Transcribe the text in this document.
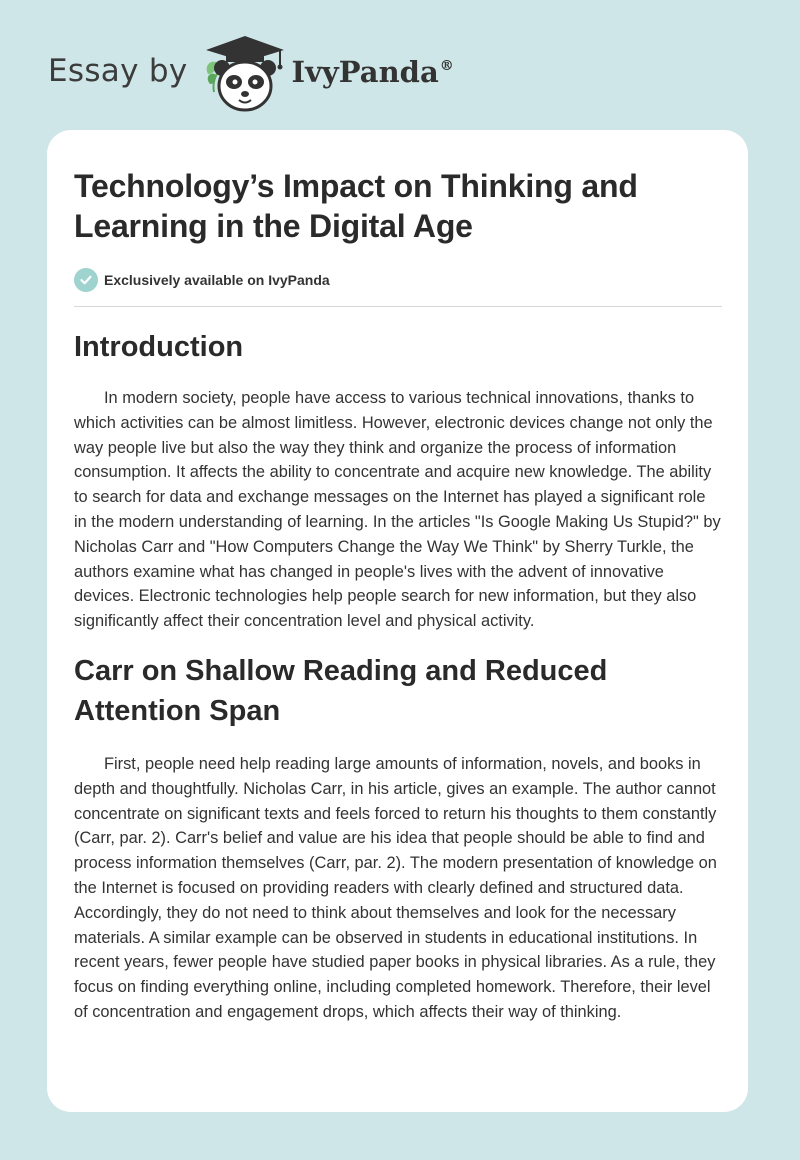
Essay by	IvyPanda®
Technology’s Impact on Thinking and Learning in the Digital Age
Exclusively available on IvyPanda
Introduction

In modern society, people have access to various technical innovations, thanks to which activities can be almost limitless. However, electronic devices change not only the way people live but also the way they think and organize the process of information consumption. It affects the ability to concentrate and acquire new knowledge. The ability to search for data and exchange messages on the Internet has played a significant role in the modern understanding of learning. In the articles "Is Google Making Us Stupid?" by Nicholas Carr and "How Computers Change the Way We Think" by Sherry Turkle, the authors examine what has changed in people's lives with the advent of innovative devices. Electronic technologies help people search for new information, but they also significantly affect their concentration level and physical activity.

Carr on Shallow Reading and Reduced Attention Span

First, people need help reading large amounts of information, novels, and books in depth and thoughtfully. Nicholas Carr, in his article, gives an example. The author cannot concentrate on significant texts and feels forced to return his thoughts to them constantly (Carr, par. 2). Carr's belief and value are his idea that people should be able to find and process information themselves (Carr, par. 2). The modern presentation of knowledge on the Internet is focused on providing readers with clearly defined and structured data. Accordingly, they do not need to think about themselves and look for the necessary materials. A similar example can be observed in students in educational institutions. In recent years, fewer people have studied paper books in physical libraries. As a rule, they focus on finding everything online, including completed homework. Therefore, their level of concentration and engagement drops, which affects their way of thinking.
